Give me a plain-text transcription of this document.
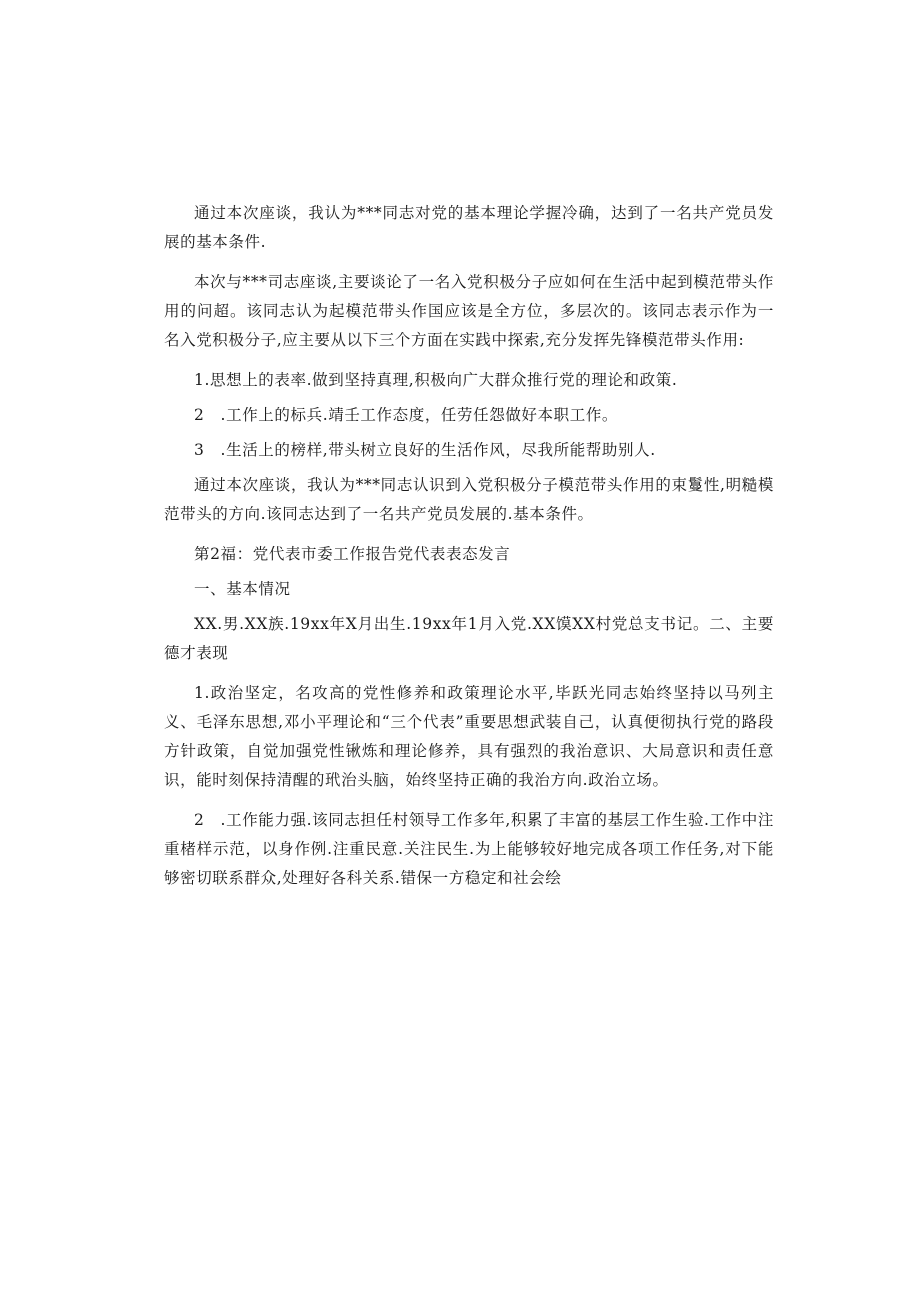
通过本次座谈，我认为***同志对党的基本理论学握冷确，达到了一名共产党员发展的基本条件.

本次与***司志座谈,主要谈论了一名入党积极分子应如何在生活中起到模范带头作用的问超。该同志认为起模范带头作国应该是全方位，多层次的。该同志表示作为一名入党积极分子,应主要从以下三个方面在实践中探索,充分发挥先锋模范带头作用:

1.思想上的表率.做到坚持真理,积极向广大群众推行党的理论和政策.

2　.工作上的标兵.靖壬工作态度，任劳任怨做好本职工作。

3　.生活上的榜样,带头树立良好的生活作风，尽我所能帮助别人.

通过本次座谈，我认为***同志认识到入党积极分子模范带头作用的束鬘性,明糙模范带头的方向.该同志达到了一名共产党员发展的.基本条件。

第2福：党代表市委工作报告党代表表态发言

一、基本情况

XX.男.XX族.19xx年X月出生.19xx年1月入党.XX馍XX村党总支书记。二、主要德才表现

1.政治坚定，名攻高的党性修养和政策理论水平,毕跃光同志始终坚持以马列主义、毛泽东思想,邓小平理论和“三个代表”重要思想武装自己，认真便彻执行党的路段方针政策，自觉加强党性锹炼和理论修养，具有强烈的我治意识、大局意识和责任意识，能时刻保持清醒的玳治头脑，始终坚持正确的我治方向.政治立场。

2　.工作能力强.该同志担任村领导工作多年,积累了丰富的基层工作生验.工作中注重楮样示范，以身作例.注重民意.关注民生.为上能够较好地完成各项工作任务,对下能够密切联系群众,处理好各科关系.错保一方稳定和社会绘
